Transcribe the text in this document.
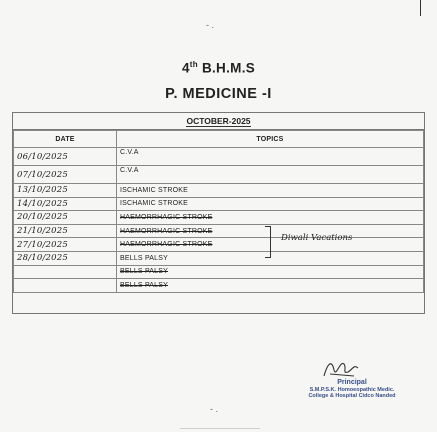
- .
4th B.H.M.S
P. MEDICINE -I
OCTOBER-2025
DATE	TOPICS
06/10/2025	C.V.A
07/10/2025	C.V.A
13/10/2025	ISCHAMIC STROKE
14/10/2025	ISCHAMIC STROKE
20/10/2025	HAEMORRHAGIC STROKE
21/10/2025	HAEMORRHAGIC STROKE
27/10/2025	HAEMORRHAGIC STROKE
28/10/2025	BELLS PALSY
	BELLS PALSY
	BELLS PALSY
Diwali Vacations
Principal
S.M.P.S.K. Homoeopathic Medic.
College & Hospital Cidco Nanded
- .
